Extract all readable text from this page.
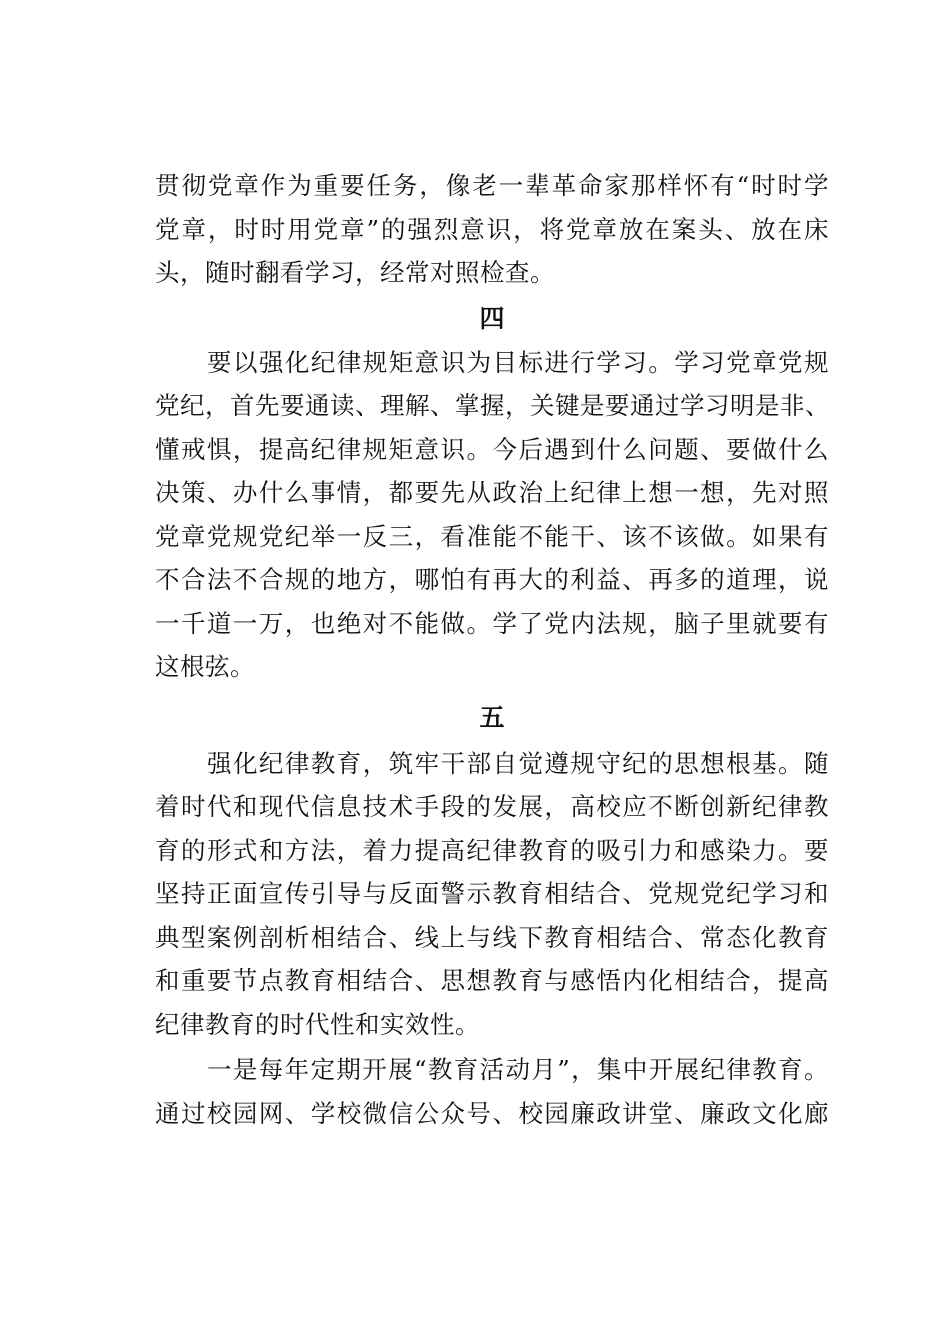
贯彻党章作为重要任务，像老一辈革命家那样怀有“时时学
党章，时时用党章”的强烈意识，将党章放在案头、放在床
头，随时翻看学习，经常对照检查。
四
要以强化纪律规矩意识为目标进行学习。学习党章党规
党纪，首先要通读、理解、掌握，关键是要通过学习明是非、
懂戒惧，提高纪律规矩意识。今后遇到什么问题、要做什么
决策、办什么事情，都要先从政治上纪律上想一想，先对照
党章党规党纪举一反三，看准能不能干、该不该做。如果有
不合法不合规的地方，哪怕有再大的利益、再多的道理，说
一千道一万，也绝对不能做。学了党内法规，脑子里就要有
这根弦。
五
强化纪律教育，筑牢干部自觉遵规守纪的思想根基。随
着时代和现代信息技术手段的发展，高校应不断创新纪律教
育的形式和方法，着力提高纪律教育的吸引力和感染力。要
坚持正面宣传引导与反面警示教育相结合、党规党纪学习和
典型案例剖析相结合、线上与线下教育相结合、常态化教育
和重要节点教育相结合、思想教育与感悟内化相结合，提高
纪律教育的时代性和实效性。
一是每年定期开展“教育活动月”，集中开展纪律教育。
通过校园网、学校微信公众号、校园廉政讲堂、廉政文化廊
